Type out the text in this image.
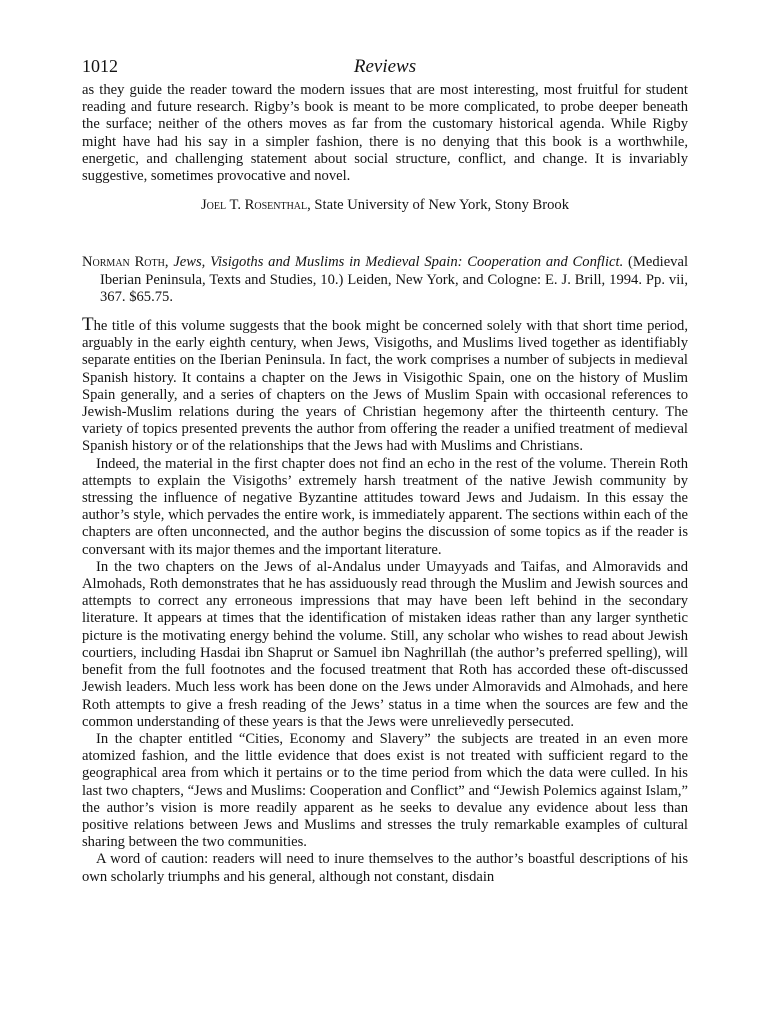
1012	Reviews

as they guide the reader toward the modern issues that are most interesting, most fruitful for student reading and future research. Rigby’s book is meant to be more complicated, to probe deeper beneath the surface; neither of the others moves as far from the customary historical agenda. While Rigby might have had his say in a simpler fashion, there is no denying that this book is a worthwhile, energetic, and challenging statement about social structure, conflict, and change. It is invariably suggestive, sometimes provocative and novel.

Joel T. Rosenthal, State University of New York, Stony Brook

Norman Roth, Jews, Visigoths and Muslims in Medieval Spain: Cooperation and Conflict. (Medieval Iberian Peninsula, Texts and Studies, 10.) Leiden, New York, and Cologne: E. J. Brill, 1994. Pp. vii, 367. $65.75.

The title of this volume suggests that the book might be concerned solely with that short time period, arguably in the early eighth century, when Jews, Visigoths, and Muslims lived together as identifiably separate entities on the Iberian Peninsula. In fact, the work comprises a number of subjects in medieval Spanish history. It contains a chapter on the Jews in Visigothic Spain, one on the history of Muslim Spain generally, and a series of chapters on the Jews of Muslim Spain with occasional references to Jewish-Muslim relations during the years of Christian hegemony after the thirteenth century. The variety of topics presented prevents the author from offering the reader a unified treatment of medieval Spanish history or of the relationships that the Jews had with Muslims and Christians.

Indeed, the material in the first chapter does not find an echo in the rest of the volume. Therein Roth attempts to explain the Visigoths’ extremely harsh treatment of the native Jewish community by stressing the influence of negative Byzantine attitudes toward Jews and Judaism. In this essay the author’s style, which pervades the entire work, is immediately apparent. The sections within each of the chapters are often unconnected, and the author begins the discussion of some topics as if the reader is conversant with its major themes and the important literature.

In the two chapters on the Jews of al-Andalus under Umayyads and Taifas, and Almoravids and Almohads, Roth demonstrates that he has assiduously read through the Muslim and Jewish sources and attempts to correct any erroneous impressions that may have been left behind in the secondary literature. It appears at times that the identification of mistaken ideas rather than any larger synthetic picture is the motivating energy behind the volume. Still, any scholar who wishes to read about Jewish courtiers, including Hasdai ibn Shaprut or Samuel ibn Naghrillah (the author’s preferred spelling), will benefit from the full footnotes and the focused treatment that Roth has accorded these oft-discussed Jewish leaders. Much less work has been done on the Jews under Almoravids and Almohads, and here Roth attempts to give a fresh reading of the Jews’ status in a time when the sources are few and the common understanding of these years is that the Jews were unrelievedly persecuted.

In the chapter entitled “Cities, Economy and Slavery” the subjects are treated in an even more atomized fashion, and the little evidence that does exist is not treated with sufficient regard to the geographical area from which it pertains or to the time period from which the data were culled. In his last two chapters, “Jews and Muslims: Cooperation and Conflict” and “Jewish Polemics against Islam,” the author’s vision is more readily apparent as he seeks to devalue any evidence about less than positive relations between Jews and Muslims and stresses the truly remarkable examples of cultural sharing between the two communities.

A word of caution: readers will need to inure themselves to the author’s boastful descriptions of his own scholarly triumphs and his general, although not constant, disdain
